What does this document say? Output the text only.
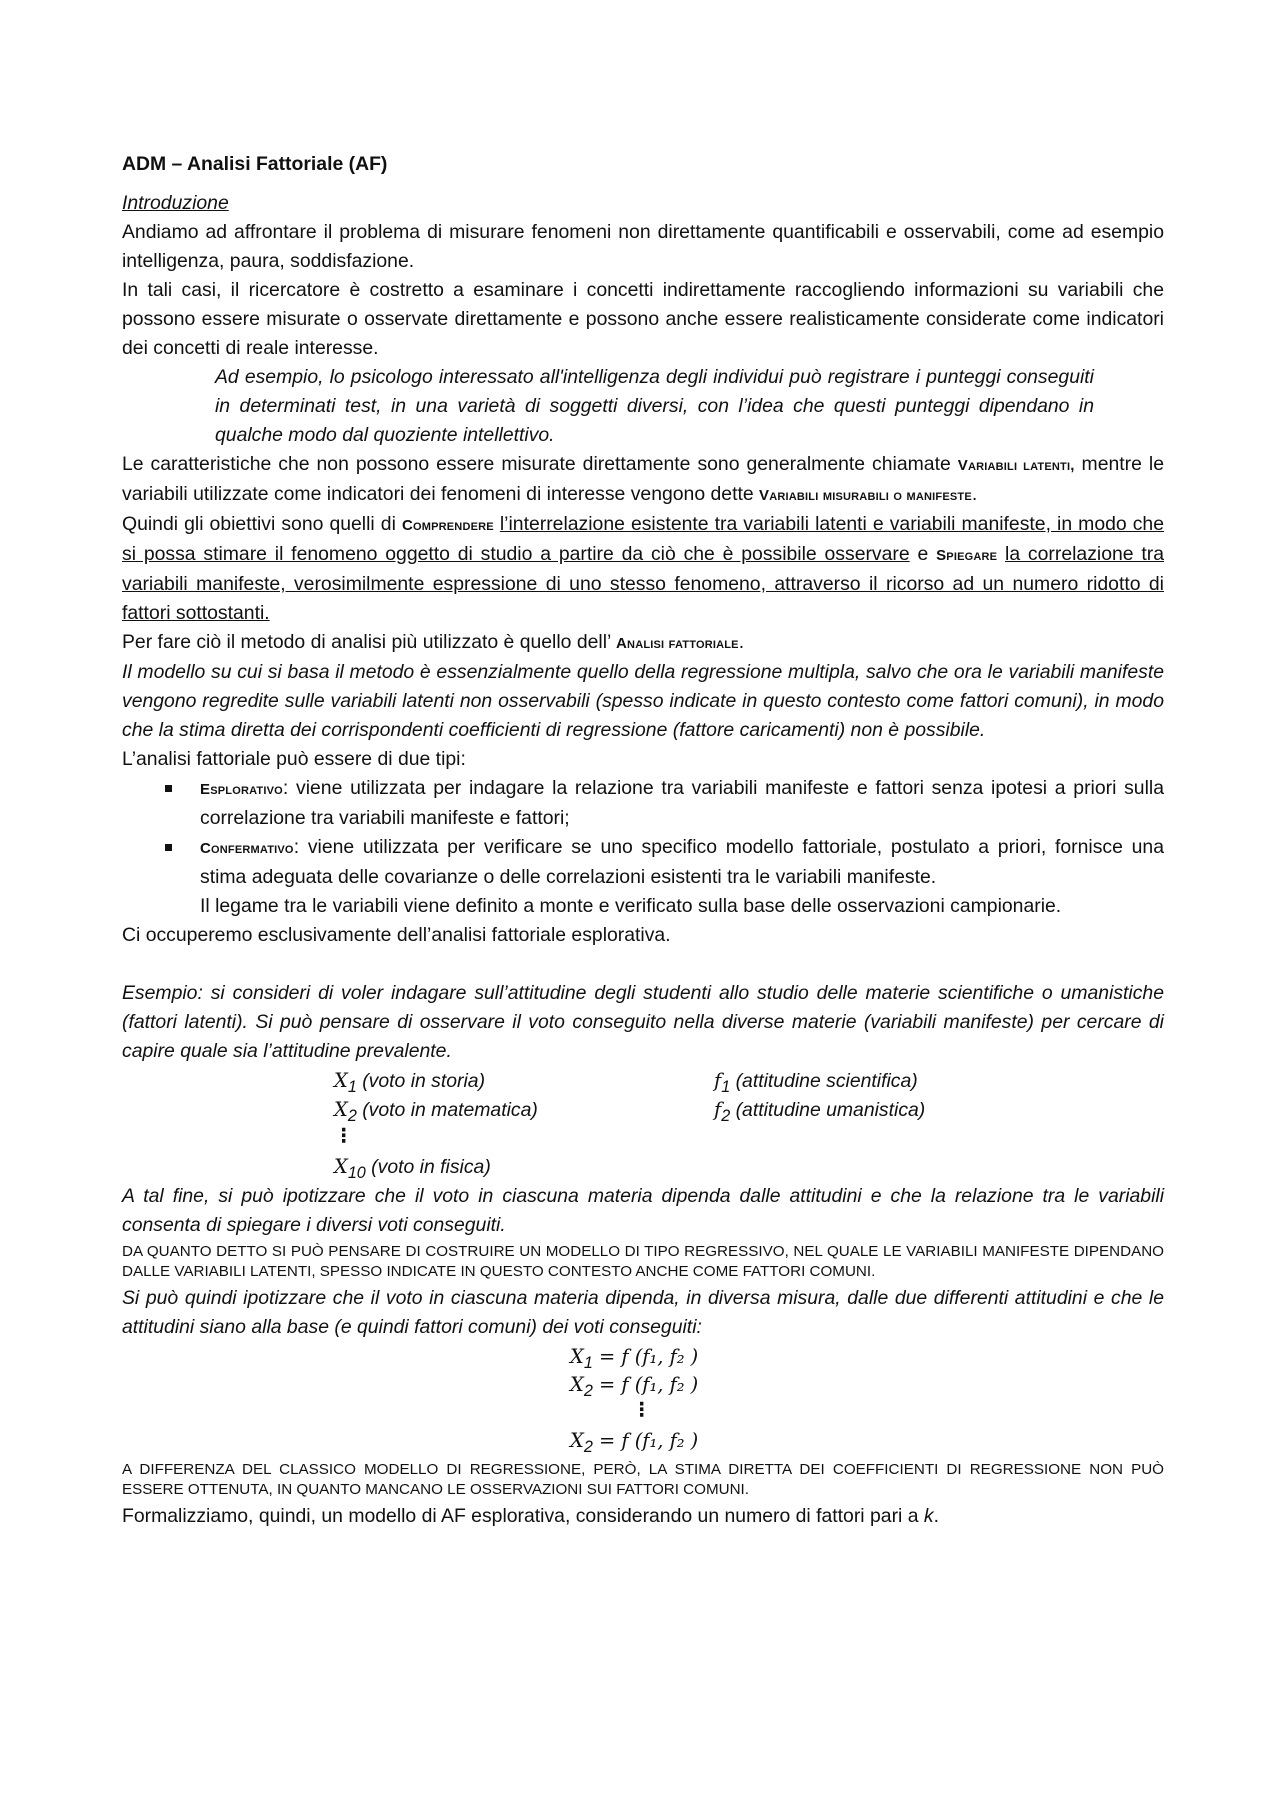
ADM – Analisi Fattoriale (AF)
Introduzione
Andiamo ad affrontare il problema di misurare fenomeni non direttamente quantificabili e osservabili, come ad esempio intelligenza, paura, soddisfazione.
In tali casi, il ricercatore è costretto a esaminare i concetti indirettamente raccogliendo informazioni su variabili che possono essere misurate o osservate direttamente e possono anche essere realisticamente considerate come indicatori dei concetti di reale interesse.
Ad esempio, lo psicologo interessato all'intelligenza degli individui può registrare i punteggi conseguiti in determinati test, in una varietà di soggetti diversi, con l’idea che questi punteggi dipendano in qualche modo dal quoziente intellettivo.
Le caratteristiche che non possono essere misurate direttamente sono generalmente chiamate Variabili latenti, mentre le variabili utilizzate come indicatori dei fenomeni di interesse vengono dette Variabili misurabili o manifeste.
Quindi gli obiettivi sono quelli di Comprendere l’interrelazione esistente tra variabili latenti e variabili manifeste, in modo che si possa stimare il fenomeno oggetto di studio a partire da ciò che è possibile osservare e Spiegare la correlazione tra variabili manifeste, verosimilmente espressione di uno stesso fenomeno, attraverso il ricorso ad un numero ridotto di fattori sottostanti.
Per fare ciò il metodo di analisi più utilizzato è quello dell’ Analisi fattoriale.
Il modello su cui si basa il metodo è essenzialmente quello della regressione multipla, salvo che ora le variabili manifeste vengono regredite sulle variabili latenti non osservabili (spesso indicate in questo contesto come fattori comuni), in modo che la stima diretta dei corrispondenti coefficienti di regressione (fattore caricamenti) non è possibile.
L’analisi fattoriale può essere di due tipi:
Esplorativo: viene utilizzata per indagare la relazione tra variabili manifeste e fattori senza ipotesi a priori sulla correlazione tra variabili manifeste e fattori;
Confermativo: viene utilizzata per verificare se uno specifico modello fattoriale, postulato a priori, fornisce una stima adeguata delle covarianze o delle correlazioni esistenti tra le variabili manifeste.
Il legame tra le variabili viene definito a monte e verificato sulla base delle osservazioni campionarie.
Ci occuperemo esclusivamente dell’analisi fattoriale esplorativa.
Esempio: si consideri di voler indagare sull’attitudine degli studenti allo studio delle materie scientifiche o umanistiche (fattori latenti). Si può pensare di osservare il voto conseguito nella diverse materie (variabili manifeste) per cercare di capire quale sia l’attitudine prevalente.
$X_1$ (voto in storia)	$f_1$ (attitudine scientifica)
$X_2$ (voto in matematica)	$f_2$ (attitudine umanistica)
⋮
$X_{10}$ (voto in fisica)
A tal fine, si può ipotizzare che il voto in ciascuna materia dipenda dalle attitudini e che la relazione tra le variabili consenta di spiegare i diversi voti conseguiti.
DA QUANTO DETTO SI PUÒ PENSARE DI COSTRUIRE UN MODELLO DI TIPO REGRESSIVO, NEL QUALE LE VARIABILI MANIFESTE DIPENDANO DALLE VARIABILI LATENTI, SPESSO INDICATE IN QUESTO CONTESTO ANCHE COME FATTORI COMUNI.
Si può quindi ipotizzare che il voto in ciascuna materia dipenda, in diversa misura, dalle due differenti attitudini e che le attitudini siano alla base (e quindi fattori comuni) dei voti conseguiti:
$X_1 = f$ (f₁, f₂ )
$X_2 = f$ (f₁, f₂ )
⋮
$X_2 = f$ (f₁, f₂ )
A DIFFERENZA DEL CLASSICO MODELLO DI REGRESSIONE, PERÒ, LA STIMA DIRETTA DEI COEFFICIENTI DI REGRESSIONE NON PUÒ ESSERE OTTENUTA, IN QUANTO MANCANO LE OSSERVAZIONI SUI FATTORI COMUNI.
Formalizziamo, quindi, un modello di AF esplorativa, considerando un numero di fattori pari a k.
